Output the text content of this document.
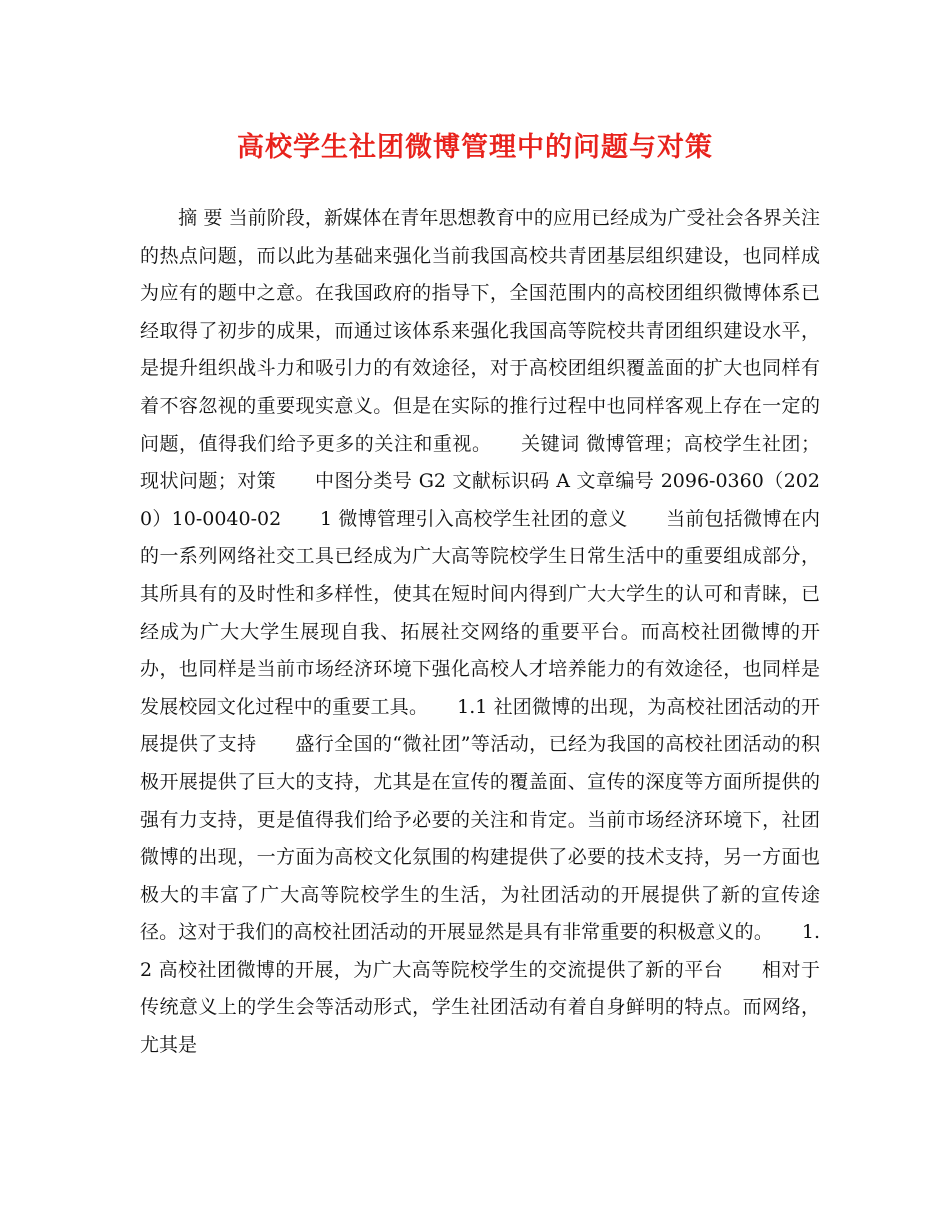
高校学生社团微博管理中的问题与对策

　　摘 要 当前阶段，新媒体在青年思想教育中的应用已经成为广受社会各界关注的热点问题，而以此为基础来强化当前我国高校共青团基层组织建设，也同样成为应有的题中之意。在我国政府的指导下，全国范围内的高校团组织微博体系已经取得了初步的成果，而通过该体系来强化我国高等院校共青团组织建设水平，是提升组织战斗力和吸引力的有效途径，对于高校团组织覆盖面的扩大也同样有着不容忽视的重要现实意义。但是在实际的推行过程中也同样客观上存在一定的问题，值得我们给予更多的关注和重视。　　关键词 微博管理；高校学生社团；现状问题；对策　　中图分类号 G2 文献标识码 A 文章编号 2096-0360（2020）10-0040-02　　1 微博管理引入高校学生社团的意义　　当前包括微博在内的一系列网络社交工具已经成为广大高等院校学生日常生活中的重要组成部分，其所具有的及时性和多样性，使其在短时间内得到广大大学生的认可和青睐，已经成为广大大学生展现自我、拓展社交网络的重要平台。而高校社团微博的开办，也同样是当前市场经济环境下强化高校人才培养能力的有效途径，也同样是发展校园文化过程中的重要工具。　　1.1 社团微博的出现，为高校社团活动的开展提供了支持　　盛行全国的“微社团”等活动，已经为我国的高校社团活动的积极开展提供了巨大的支持，尤其是在宣传的覆盖面、宣传的深度等方面所提供的强有力支持，更是值得我们给予必要的关注和肯定。当前市场经济环境下，社团微博的出现，一方面为高校文化氛围的构建提供了必要的技术支持，另一方面也极大的丰富了广大高等院校学生的生活，为社团活动的开展提供了新的宣传途径。这对于我们的高校社团活动的开展显然是具有非常重要的积极意义的。　　1.2 高校社团微博的开展，为广大高等院校学生的交流提供了新的平台　　相对于传统意义上的学生会等活动形式，学生社团活动有着自身鲜明的特点。而网络，尤其是
